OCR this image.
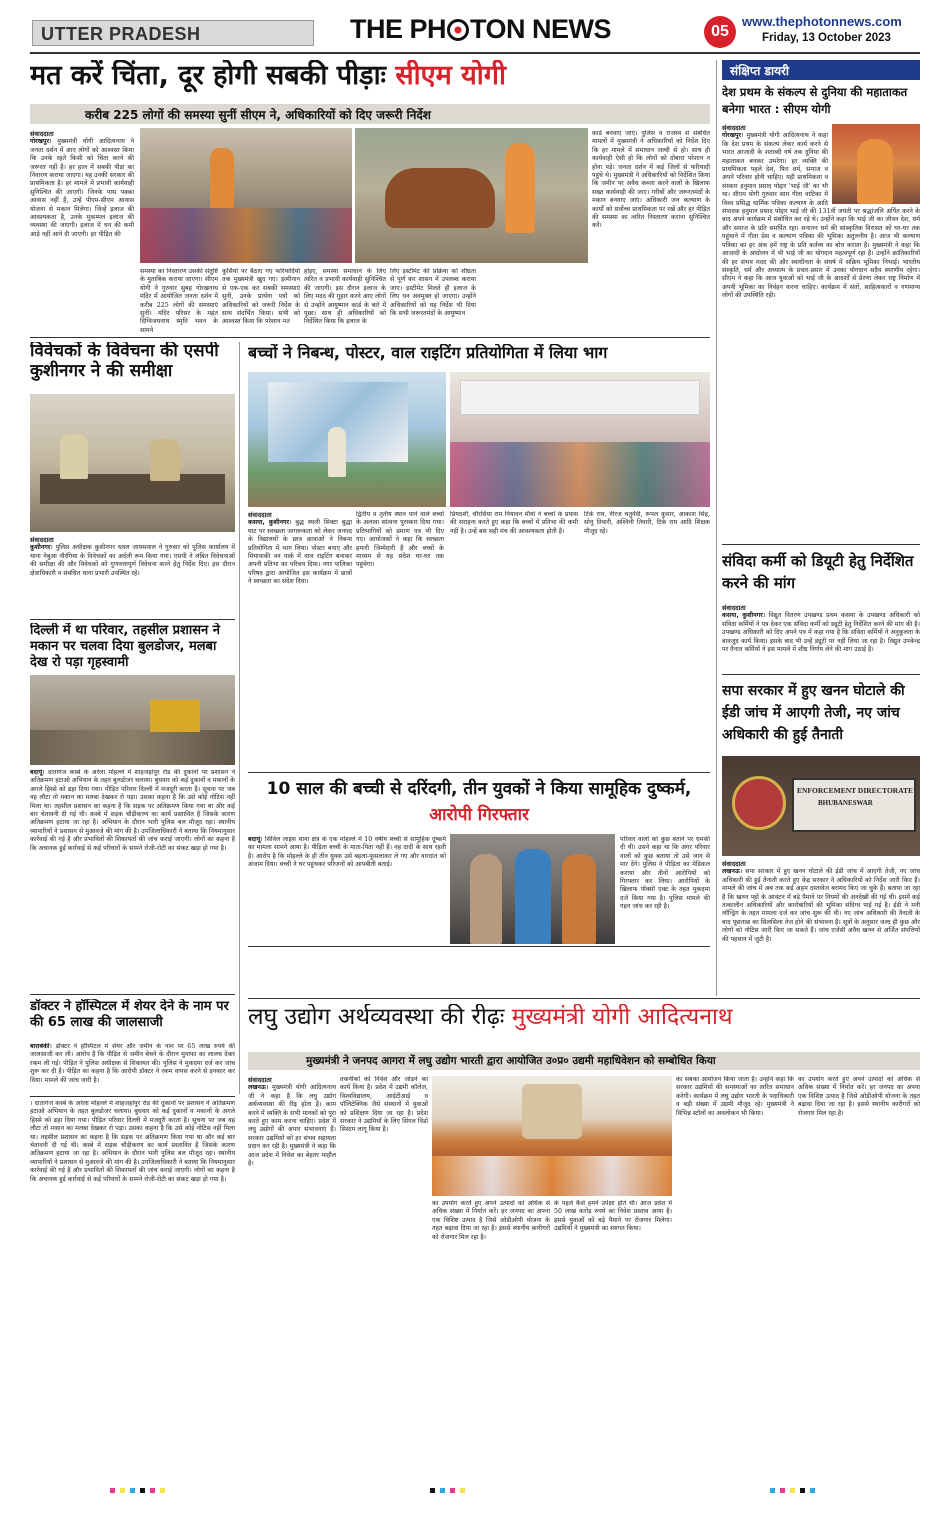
UTTER PRADESH	THE PH TON NEWS	05
www.thephotonnews.com
Friday, 13 October 2023
मत करें चिंता, दूर होगी सबकी पीड़ाः सीएम योगी
करीब 225 लोगों की समस्या सुनीं सीएम ने, अधिकारियों को दिए जरूरी निर्देश
संवाददाता
गोरखपुर। मुख्यमंत्री योगी आदित्यनाथ ने जनता दर्शन में आए लोगों को आश्वस्त किया कि उनके रहते किसी को चिंता करने की जरूरत नहीं है। हर हाल में सबकी पीड़ा का निवारण कराया जाएगा। यह उनकी सरकार की प्राथमिकता है। हर मामले में प्रभावी कार्यवाही सुनिश्चित की जाएगी। जिनके पास पक्का आवास नहीं है, उन्हें पीएम-सीएम आवास योजना से मकान मिलेगा। जिन्हें इलाज की आवश्यकता है, उनके मुकम्मल इलाज की व्यवस्था की जाएगी। इलाज में धन की कमी आड़े नहीं आने दी जाएगी। हर पीड़ित की
कार्ड बनवाए जाएं। पुलिस व राजस्व से संबंधित मामलों में मुख्यमंत्री ने अधिकारियों को निर्देश दिए कि हर मामले में समाधान जल्दी से हो। साथ ही कार्यवाही ऐसी हो कि लोगों को दोबारा परेशान न होना पड़े। जनता दर्शन में कई जिलों से फरियादी पहुंचे थे। मुख्यमंत्री ने अधिकारियों को निर्देशित किया कि जमीन पर अवैध कब्जा करने वालों के खिलाफ सख्त कार्यवाही की जाए। गरीबों और जरूरतमंदों के मकान बनवाए जाएं। अधिकारी जन कल्याण के कार्यों को सर्वोच्च प्राथमिकता पर रखें और हर पीड़ित की समस्या का त्वरित निस्तारण कराना सुनिश्चित करें।
समस्या का निस्तारण उसकी संतुष्टि के मुताबिक कराया जाएगा। सीएम योगी ने गुरुवार सुबह गोरखनाथ मंदिर में आयोजित जनता दर्शन में करीब 225 लोगों की समस्याएं सुनीं। मंदिर परिसर के महंत दिग्विजयनाथ स्मृति भवन के सामने
कुर्सियों पर बैठाए गए फरियादियों तक मुख्यमंत्री खुद गए। इत्मीनान से एक-एक कर सबकी समस्याएं सुनी, उनके प्रार्थना पत्रों को अधिकारियों को जरूरी निर्देश के साथ संदर्भित किया। सभी को आश्वस्त किया कि परेशान मत
होइए, समस्या समाधान के लिए त्वरित व प्रभावी कार्यवाही सुनिश्चित की जाएगी। इस दौरान इलाज के लिए मदद की गुहार करने आए लोगों से उन्होंने आयुष्मान कार्ड के बारे में पूछा। साथ ही अधिकारियों को निर्देशित किया कि इलाज के
लिए इस्टीमेट की प्रक्रिया को शीघ्रता से पूर्ण कर शासन में उपलब्ध कराया जाए। इस्टीमेट मिलते ही इलाज के लिए धन अवमुक्त हो जाएगा। उन्होंने अधिकारियों को यह निर्देश भी दिया कि सभी जरूरतमंदों के आयुष्मान
विवेचकों के विवेचना की एसपी कुशीनगर ने की समीक्षा
संवाददाता
कुशीनगर। पुलिस अधीक्षक कुशीनगर धवल जायसवाल ने गुरुवार को पुलिस कार्यालय में थाना नेबुआ नौरंगिया के विवेचकों का अर्दली रूम किया गया। एसपी ने लंबित विवेचनाओं की समीक्षा की और विवेचकों को गुणवत्तापूर्ण विवेचना करने हेतु निर्देश दिए। इस दौरान क्षेत्राधिकारी व संबंधित थाना प्रभारी उपस्थित रहे।
दिल्ली में था परिवार, तहसील प्रशासन ने मकान पर चलवा दिया बुलडोजर, मलबा देख रो पड़ा गृहस्वामी
बदायूं। दातागंज कस्बे के अरेला मोहल्ले में शाहजहांपुर रोड की दुकानों पर प्रशासन ने अतिक्रमण हटाओ अभियान के तहत बुलडोजर चलाया। बुधवार को कई दुकानों व मकानों के अगले हिस्से को ढहा दिया गया। पीड़ित परिवार दिल्ली में मजदूरी करता है। सूचना पर जब वह लौटा तो मकान का मलबा देखकर रो पड़ा। उसका कहना है कि उसे कोई नोटिस नहीं मिला था। तहसील प्रशासन का कहना है कि सड़क पर अतिक्रमण किया गया था और कई बार चेतावनी दी गई थी। कस्बे में सड़क चौड़ीकरण का कार्य प्रस्तावित है जिसके कारण अतिक्रमण हटाया जा रहा है। अभियान के दौरान भारी पुलिस बल मौजूद रहा। स्थानीय व्यापारियों ने प्रशासन से मुआवजे की मांग की है। उपजिलाधिकारी ने बताया कि नियमानुसार कार्रवाई की गई है और प्रभावितों की शिकायतों की जांच कराई जाएगी। लोगों का कहना है कि अचानक हुई कार्रवाई से कई परिवारों के सामने रोजी-रोटी का संकट खड़ा हो गया है।
डॉक्टर ने हॉस्पिटल में शेयर देने के नाम पर की 65 लाख की जालसाजी
बाराबंकी। डॉक्टर ने हॉस्पिटल में शेयर और जमीन के नाम पर 65 लाख रुपये की जालसाजी कर ली। आरोप है कि पीड़ित से जमीन बेचने के दौरान मुनाफा का लालच देकर रकम ली गई। पीड़ित ने पुलिस अधीक्षक से शिकायत की। पुलिस ने मुकदमा दर्ज कर जांच शुरू कर दी है। पीड़ित का कहना है कि आरोपी डॉक्टर ने रकम वापस करने से इनकार कर दिया। मामले की जांच जारी है।
बच्चों ने निबन्ध, पोस्टर, वाल राइटिंग प्रतियोगिता में लिया भाग
संवाददाता
कसया, कुशीनगर। बुद्ध स्थली सिक्टा बुद्धा घाट पर स्वच्छता जागरूकता को लेकर जनपद के विद्यालयों के छात्र छात्राओं ने निबन्ध प्रतियोगिता में भाग लिया। पोस्टर बनाए और मियावाकी वन पार्क में वाल राइटिंग बनाकर अपनी प्रतिभा का परिचय दिया। नगर पालिका परिषद द्वारा आयोजित इस कार्यक्रम में छात्रों ने स्वच्छता का संदेश दिया।
द्वितीय व तृतीय स्थान पाने वाले बच्चों के अलावा सांत्वना पुरस्कार दिया गया। प्रतिभागियों को प्रमाण पत्र भी दिए गए। आयोजकों ने कहा कि स्वच्छता हमारी जिम्मेदारी है और बच्चों के माध्यम से यह संदेश घर-घर तक पहुंचेगा।
प्रियदर्शी, चौरसिया राम नियावन मौर्या ने बच्चों के प्रयास की सराहना करते हुए कहा कि बच्चों में प्रतिभा की कमी नहीं है। उन्हें बस सही मंच की आवश्यकता होती है।
टिके राय, नीरज चतुर्वेदी, रूपल कुमार, आकाश सिंह, सोनू तिवारी, अश्विनी तिवारी, टिके राय आदि शिक्षक मौजूद रहे।
10 साल की बच्ची से दरिंदगी, तीन युवकों ने किया सामूहिक दुष्कर्म, आरोपी गिरफ्तार
बदायूं। सिविल लाइंस थाना क्षेत्र के एक मोहल्ले में 10 वर्षीय बच्ची से सामूहिक दुष्कर्म का मामला सामने आया है। पीड़िता बच्ची के माता-पिता नहीं हैं। वह दादी के साथ रहती है। आरोप है कि मोहल्ले के ही तीन युवक उसे बहला-फुसलाकर ले गए और वारदात को अंजाम दिया। बच्ची ने घर पहुंचकर परिजनों को आपबीती बताई।
परिवार वालों को कुछ बताने पर धमकी दी थी। उसने कहा था कि अगर परिवार वालों को कुछ बताया तो उसे जान से मार देंगे। पुलिस ने पीड़िता का मेडिकल कराया और तीनों आरोपियों को गिरफ्तार कर लिया। आरोपियों के खिलाफ पॉक्सो एक्ट के तहत मुकदमा दर्ज किया गया है। पुलिस मामले की गहन जांच कर रही है।
संक्षिप्त डायरी
देश प्रथम के संकल्प से दुनिया की महाताकत बनेगा भारत : सीएम योगी
संवाददाता
गोरखपुर। मुख्यमंत्री योगी आदित्यनाथ ने कहा कि देश प्रथम के संकल्प लेकर कार्य करने से भारत आजादी के शताब्दी वर्ष तक दुनिया की महाताकत बनकर उभरेगा। हर व्यक्ति की प्राथमिकता पहले देश, फिर धर्म, समाज व अपने परिवार होनी चाहिए। यही प्राथमिकता व संस्कार हनुमान प्रसाद पोद्दार 'भाई जी' का भी था। सीएम योगी गुरुवार साम गीता वाटिका में विश्व प्रसिद्ध धार्मिक पत्रिका कल्याण के आदि संपादक हनुमान प्रसाद पोद्दार भाई जी की 131वीं जयंती पर श्रद्धांजलि अर्पित करने के बाद अपने कार्यक्रम में संबोधित कर रहे थे। उन्होंने कहा कि भाई जी का जीवन देश, धर्म और समाज के प्रति समर्पित रहा। सनातन धर्म की सांस्कृतिक विरासत को घर-घर तक पहुंचाने में गीता प्रेस व कल्याण पत्रिका की भूमिका अतुलनीय है। आज भी कल्याण पत्रिका का हर अंक हमें राष्ट्र के प्रति कर्तव्य का बोध कराता है। मुख्यमंत्री ने कहा कि आजादी के आंदोलन में भी भाई जी का योगदान महत्वपूर्ण रहा है। उन्होंने क्रांतिकारियों की हर संभव मदद की और स्वाधीनता के संघर्ष में सक्रिय भूमिका निभाई। भारतीय संस्कृति, धर्म और अध्यात्म के प्रचार-प्रसार में उनका योगदान सदैव स्मरणीय रहेगा। सीएम ने कहा कि आज युवाओं को भाई जी के आदर्शों से प्रेरणा लेकर राष्ट्र निर्माण में अपनी भूमिका का निर्वहन करना चाहिए। कार्यक्रम में संतों, साहित्यकारों व गणमान्य लोगों की उपस्थिति रही।
संविदा कर्मी को डियूटी हेतु निर्देशित करने की मांग
संवाददाता
कसया, कुशीनगर। विद्युत वितरण उपखण्ड प्रथम कसया के उपखण्ड अधिकारी को संविदा कर्मियों ने पत्र देकर एक संविदा कर्मी को ड्यूटी हेतु निर्देशित करने की मांग की है। उपखण्ड अधिकारी को दिए अपने पत्र में कहा गया है कि संविदा कर्मियों ने अनुकूलता के बावजूद कार्य किया। इसके बाद भी उन्हें ड्यूटी पर नहीं लिया जा रहा है। विद्युत उपकेन्द्र पर तैनात कर्मियों ने इस मामले में शीघ्र निर्णय लेने की मांग उठाई है।
सपा सरकार में हुए खनन घोटाले की ईडी जांच में आएगी तेजी, नए जांच अधिकारी की हुई तैनाती
ENFORCEMENT DIRECTORATE
BHUBANESWAR
संवाददाता
लखनऊ। सपा सरकार में हुए खनन घोटाले की ईडी जांच में आएगी तेजी, नए जांच अधिकारी की हुई तैनाती करते हुए केंद्र सरकार ने अधिकारियों को निर्देश जारी किए हैं। मामले की जांच में अब तक कई अहम दस्तावेज बरामद किए जा चुके हैं। बताया जा रहा है कि खनन पट्टों के आवंटन में बड़े पैमाने पर नियमों की अनदेखी की गई थी। इसमें कई तत्कालीन अधिकारियों और कारोबारियों की भूमिका संदिग्ध पाई गई है। ईडी ने मनी लॉन्ड्रिंग के तहत मामला दर्ज कर जांच शुरू की थी। नए जांच अधिकारी की तैनाती के बाद पूछताछ का सिलसिला तेज होने की संभावना है। सूत्रों के अनुसार जल्द ही कुछ और लोगों को नोटिस जारी किए जा सकते हैं। जांच एजेंसी अवैध खनन से अर्जित संपत्तियों की पहचान में जुटी है।
लघु उद्योग अर्थव्यवस्था की रीढ़ः मुख्यमंत्री योगी आदित्यनाथ
मुख्यमंत्री ने जनपद आगरा में लघु उद्योग भारती द्वारा आयोजित उ०प्र० उद्यमी महाधिवेशन को सम्बोधित किया
संवाददाता
लखनऊ। मुख्यमंत्री योगी आदित्यनाथ जी ने कहा है कि लघु उद्योग अर्थव्यवस्था की रीढ़ होता है। काम करने में व्यक्ति के सभी मानकों को पूरा करते हुए काम करना चाहिए। प्रदेश में लघु उद्योगों की अपार संभावनाएं हैं। सरकार उद्यमियों को हर संभव सहायता प्रदान कर रही है। मुख्यमंत्री ने कहा कि आज प्रदेश में निवेश का बेहतर माहौल है।
तकनीकों को निवेश और जोड़ने का कार्य किया है। प्रदेश में उद्यमी कॉलेज, विश्वविद्यालय, आईटीआई व पॉलिटेक्निक जैसे संस्थानों में युवाओं को प्रशिक्षण दिया जा रहा है। प्रदेश सरकार ने उद्यमियों के लिए सिंगल विंडो सिस्टम लागू किया है।
का उपयोग करते हुए अपने उत्पादों को अधिक से अधिक संख्या में निर्यात करें। हर जनपद का अपना एक विशिष्ट उत्पाद है जिसे ओडीओपी योजना के तहत बढ़ावा दिया जा रहा है। इससे स्थानीय कारीगरों को रोजगार मिल रहा है।
के पहले कैसे हमने उपेक्षा होते थी। आज प्रदेश में 50 लाख करोड़ रुपये का निवेश प्रस्ताव आया है। इससे युवाओं को बड़े पैमाने पर रोजगार मिलेगा। उद्यमियों ने मुख्यमंत्री का स्वागत किया।
का सबका आयोजन किया जाता है। उन्होंने कहा कि सरकार उद्यमियों की समस्याओं का त्वरित समाधान करेगी। कार्यक्रम में लघु उद्योग भारती के पदाधिकारी व बड़ी संख्या में उद्यमी मौजूद रहे। मुख्यमंत्री ने विभिन्न स्टॉलों का अवलोकन भी किया।
का उपयोग करते हुए अपने उत्पादों को अधिक से अधिक संख्या में निर्यात करें। हर जनपद का अपना एक विशिष्ट उत्पाद है जिसे ओडीओपी योजना के तहत बढ़ावा दिया जा रहा है। इससे स्थानीय कारीगरों को रोजगार मिल रहा है।
। दातागंज कस्बे के अरेला मोहल्ले में शाहजहांपुर रोड की दुकानों पर प्रशासन ने अतिक्रमण हटाओ अभियान के तहत बुलडोजर चलाया। बुधवार को कई दुकानों व मकानों के अगले हिस्से को ढहा दिया गया। पीड़ित परिवार दिल्ली में मजदूरी करता है। सूचना पर जब वह लौटा तो मकान का मलबा देखकर रो पड़ा। उसका कहना है कि उसे कोई नोटिस नहीं मिला था। तहसील प्रशासन का कहना है कि सड़क पर अतिक्रमण किया गया था और कई बार चेतावनी दी गई थी। कस्बे में सड़क चौड़ीकरण का कार्य प्रस्तावित है जिसके कारण अतिक्रमण हटाया जा रहा है। अभियान के दौरान भारी पुलिस बल मौजूद रहा। स्थानीय व्यापारियों ने प्रशासन से मुआवजे की मांग की है। उपजिलाधिकारी ने बताया कि नियमानुसार कार्रवाई की गई है और प्रभावितों की शिकायतों की जांच कराई जाएगी। लोगों का कहना है कि अचानक हुई कार्रवाई से कई परिवारों के सामने रोजी-रोटी का संकट खड़ा हो गया है।
